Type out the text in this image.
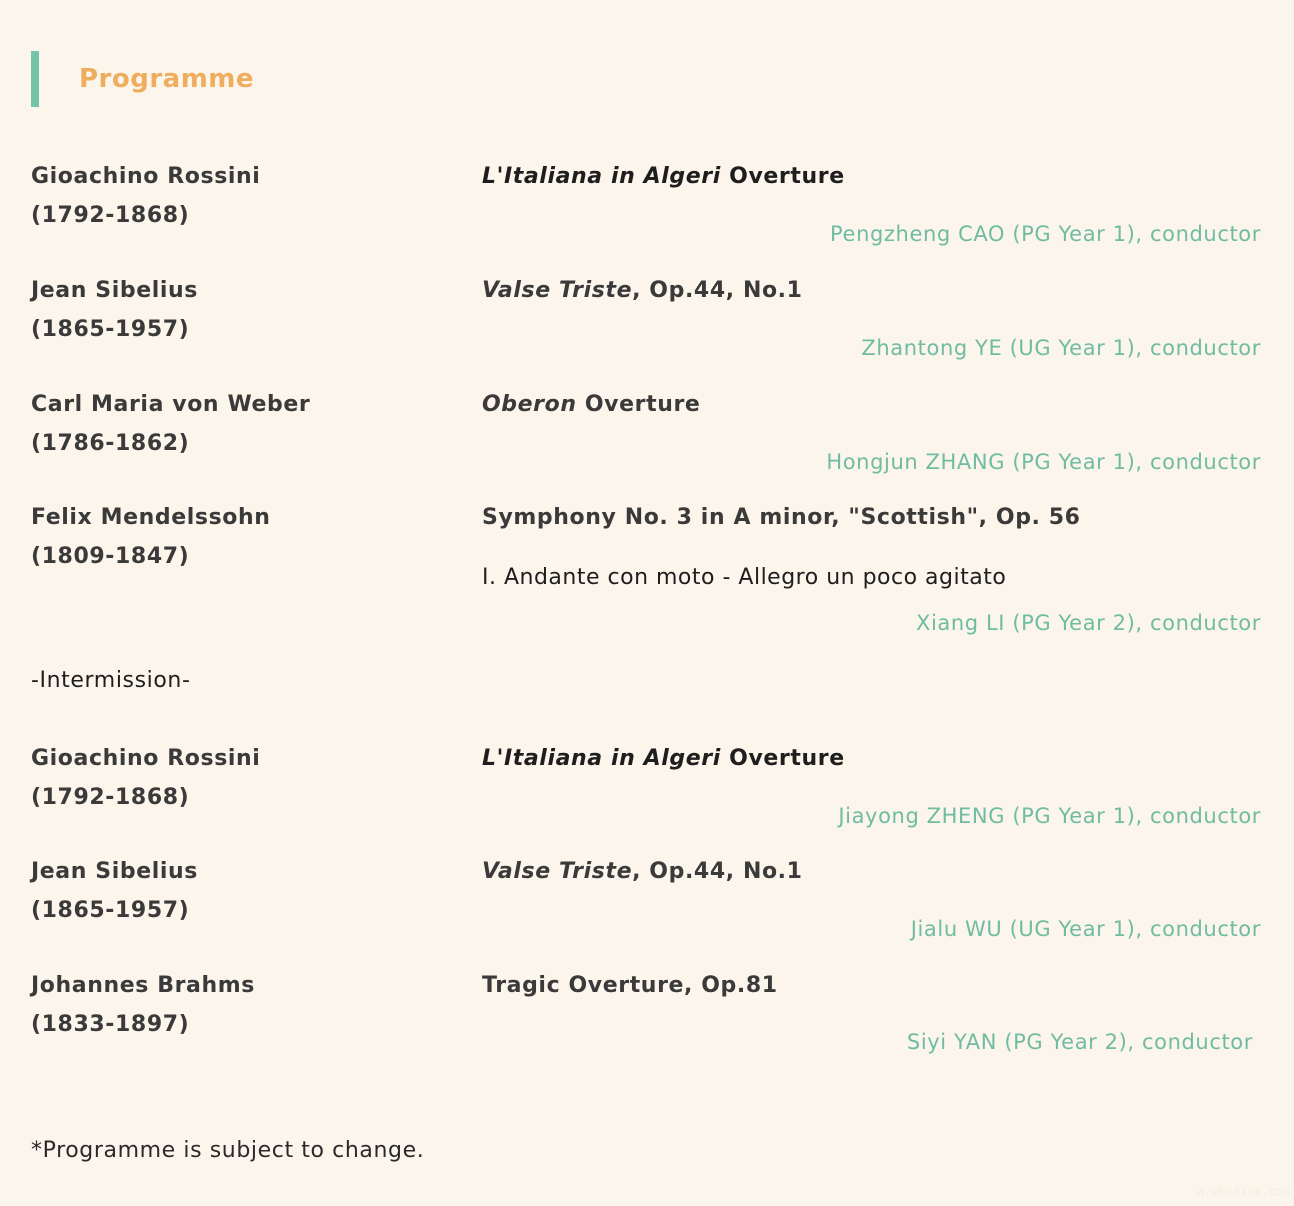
Programme
Gioachino Rossini
(1792-1868)
L'Italiana in Algeri Overture
Pengzheng CAO (PG Year 1), conductor
Jean Sibelius
(1865-1957)
Valse Triste, Op.44, No.1
Zhantong YE (UG Year 1), conductor
Carl Maria von Weber
(1786-1862)
Oberon Overture
Hongjun ZHANG (PG Year 1), conductor
Felix Mendelssohn
(1809-1847)
Symphony No. 3 in A minor, "Scottish", Op. 56
I. Andante con moto - Allegro un poco agitato
Xiang LI (PG Year 2), conductor
-Intermission-
Gioachino Rossini
(1792-1868)
L'Italiana in Algeri Overture
Jiayong ZHENG (PG Year 1), conductor
Jean Sibelius
(1865-1957)
Valse Triste, Op.44, No.1
Jialu WU (UG Year 1), conductor
Johannes Brahms
(1833-1897)
Tragic Overture, Op.81
Siyi YAN (PG Year 2), conductor
*Programme is subject to change.
a.wbo31ab.com
